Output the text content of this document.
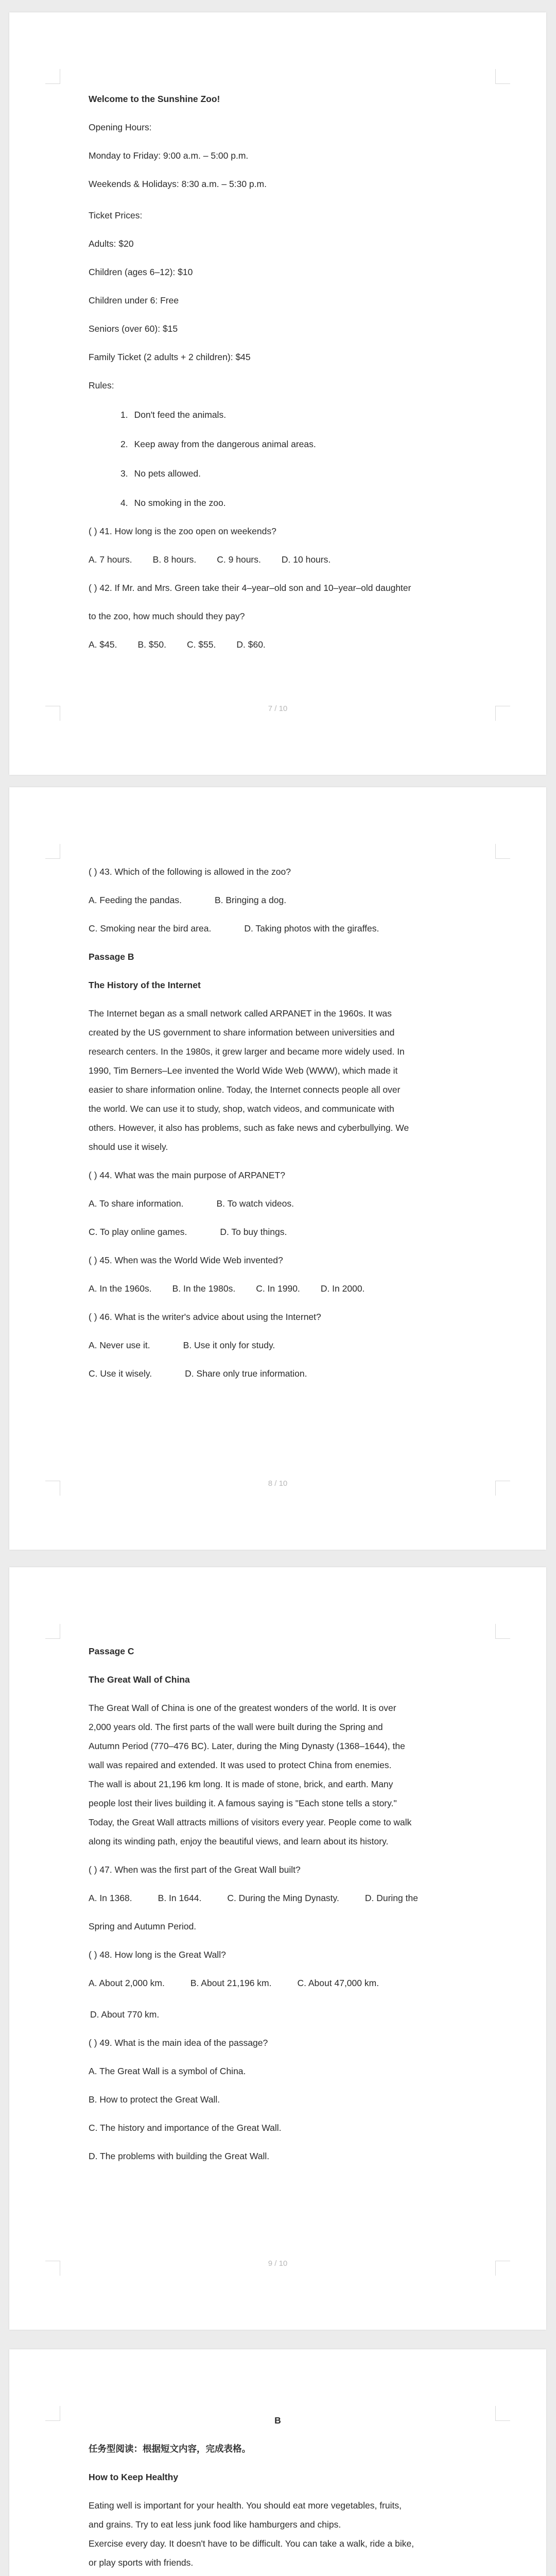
Welcome to the Sunshine Zoo!

Opening Hours:

Monday to Friday: 9:00 a.m. – 5:00 p.m.

Weekends & Holidays: 8:30 a.m. – 5:30 p.m.

Ticket Prices:

Adults: $20

Children (ages 6–12): $10

Children under 6: Free

Seniors (over 60): $15

Family Ticket (2 adults + 2 children): $45

Rules:

1. Don't feed the animals.
2. Keep away from the dangerous animal areas.
3. No pets allowed.
4. No smoking in the zoo.

( ) 41. How long is the zoo open on weekends?

A. 7 hours. B. 8 hours. C. 9 hours. D. 10 hours.

( ) 42. If Mr. and Mrs. Green take their 4–year–old son and 10–year–old daughter

to the zoo, how much should they pay?

A. $45. B. $50. C. $55. D. $60.
7 / 10

( ) 43. Which of the following is allowed in the zoo?

A. Feeding the pandas.	B. Bringing a dog.
C. Smoking near the bird area.	D. Taking photos with the giraffes.

Passage B

The History of the Internet

The Internet began as a small network called ARPANET in the 1960s. It was

created by the US government to share information between universities and

research centers. In the 1980s, it grew larger and became more widely used. In

1990, Tim Berners–Lee invented the World Wide Web (WWW), which made it

easier to share information online. Today, the Internet connects people all over

the world. We can use it to study, shop, watch videos, and communicate with

others. However, it also has problems, such as fake news and cyberbullying. We

should use it wisely.

( ) 44. What was the main purpose of ARPANET?

A. To share information.	B. To watch videos.
C. To play online games.	D. To buy things.

( ) 45. When was the World Wide Web invented?

A. In the 1960s. B. In the 1980s. C. In 1990. D. In 2000.

( ) 46. What is the writer's advice about using the Internet?

A. Never use it.	B. Use it only for study.
C. Use it wisely.	D. Share only true information.
8 / 10

Passage C

The Great Wall of China

The Great Wall of China is one of the greatest wonders of the world. It is over

2,000 years old. The first parts of the wall were built during the Spring and

Autumn Period (770–476 BC). Later, during the Ming Dynasty (1368–1644), the

wall was repaired and extended. It was used to protect China from enemies.

The wall is about 21,196 km long. It is made of stone, brick, and earth. Many

people lost their lives building it. A famous saying is "Each stone tells a story."

Today, the Great Wall attracts millions of visitors every year. People come to walk

along its winding path, enjoy the beautiful views, and learn about its history.

( ) 47. When was the first part of the Great Wall built?

A. In 1368.	B. In 1644.	C. During the Ming Dynasty.	D. During the

Spring and Autumn Period.

( ) 48. How long is the Great Wall?

A. About 2,000 km.	B. About 21,196 km.	C. About 47,000 km.

D. About 770 km.

( ) 49. What is the main idea of the passage?

A. The Great Wall is a symbol of China.

B. How to protect the Great Wall.

C. The history and importance of the Great Wall.

D. The problems with building the Great Wall.

9 / 10
B

任务型阅读：根据短文内容，完成表格。

How to Keep Healthy

Eating well is important for your health. You should eat more vegetables, fruits,

and grains. Try to eat less junk food like hamburgers and chips.

Exercise every day. It doesn't have to be difficult. You can take a walk, ride a bike,

or play sports with friends.
